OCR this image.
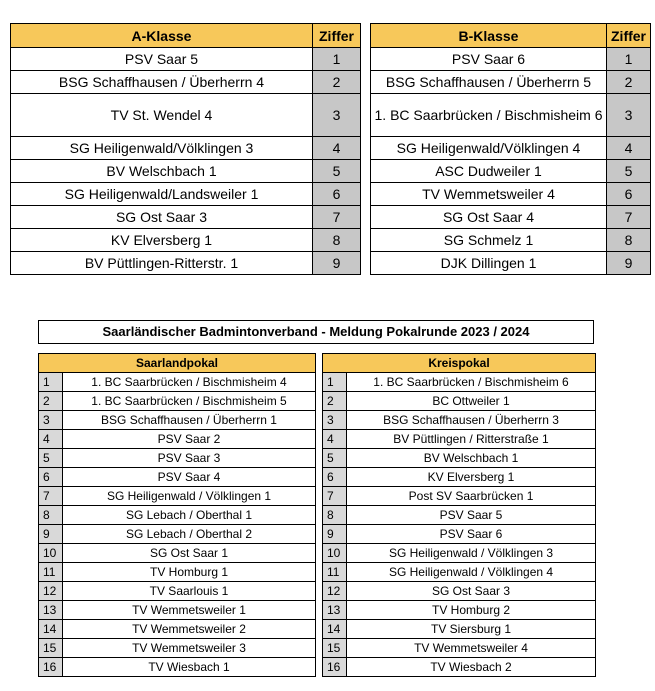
A-Klasse	Ziffer
PSV Saar 5	1
BSG Schaffhausen / Überherrn 4	2
TV St. Wendel 4	3
SG Heiligenwald/Völklingen 3	4
BV Welschbach 1	5
SG Heiligenwald/Landsweiler 1	6
SG Ost Saar 3	7
KV Elversberg 1	8
BV Püttlingen-Ritterstr. 1	9
B-Klasse	Ziffer
PSV Saar 6	1
BSG Schaffhausen / Überherrn 5	2
1. BC Saarbrücken / Bischmisheim 6	3
SG Heiligenwald/Völklingen 4	4
ASC Dudweiler 1	5
TV Wemmetsweiler 4	6
SG Ost Saar 4	7
SG Schmelz 1	8
DJK Dillingen 1	9
Saarländischer Badmintonverband - Meldung Pokalrunde 2023 / 2024
Saarlandpokal	
1	1. BC Saarbrücken / Bischmisheim 4
2	1. BC Saarbrücken / Bischmisheim 5
3	BSG Schaffhausen / Überherrn 1
4	PSV Saar 2
5	PSV Saar 3
6	PSV Saar 4
7	SG Heiligenwald / Völklingen 1
8	SG Lebach / Oberthal 1
9	SG Lebach / Oberthal 2
10	SG Ost Saar 1
11	TV Homburg 1
12	TV Saarlouis 1
13	TV Wemmetsweiler 1
14	TV Wemmetsweiler 2
15	TV Wemmetsweiler 3
16	TV Wiesbach 1
Kreispokal	
1	1. BC Saarbrücken / Bischmisheim 6
2	BC Ottweiler 1
3	BSG Schaffhausen / Überherrn 3
4	BV Püttlingen / Ritterstraße 1
5	BV Welschbach 1
6	KV Elversberg 1
7	Post SV Saarbrücken 1
8	PSV Saar 5
9	PSV Saar 6
10	SG Heiligenwald / Völklingen 3
11	SG Heiligenwald / Völklingen 4
12	SG Ost Saar 3
13	TV Homburg 2
14	TV Siersburg 1
15	TV Wemmetsweiler 4
16	TV Wiesbach 2
